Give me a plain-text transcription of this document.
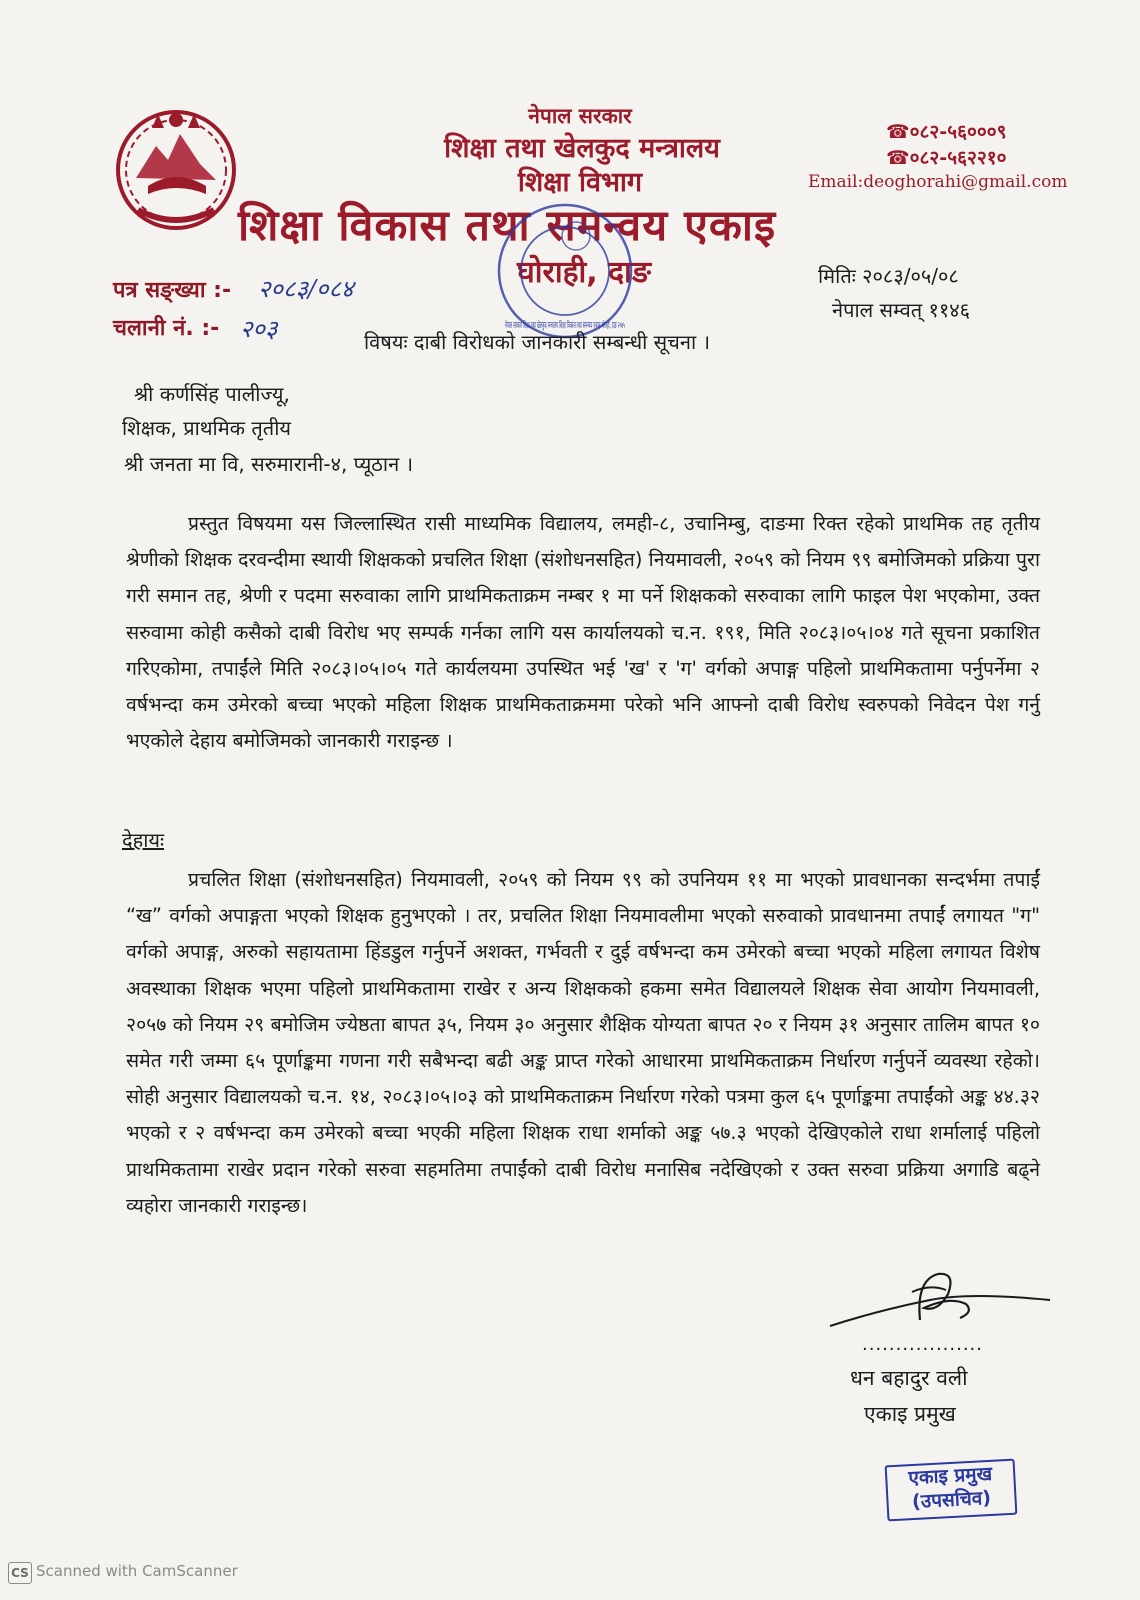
नेपाल सरकार
शिक्षा तथा खेलकुद मन्त्रालय
शिक्षा विभाग
शिक्षा विकास तथा समन्वय एकाइ
घोराही, दाङ
☎०८२-५६०००९
☎०८२-५६२२१०
Email:deoghorahi@gmail.com
नेपाल सरकार शिक्षा तथा खेलकुद मन्त्रालय शिक्षा विकास तथा समन्वय एकाइ घोराही, दाङ २०७५
पत्र सङ्ख्या :- २०८३/०८४
चलानी नं. :- २०३
मितिः २०८३/०५/०८
नेपाल सम्वत् ११४६
विषयः दाबी विरोधको जानकारी सम्बन्धी सूचना ।
श्री कर्णसिंह पालीज्यू,
शिक्षक, प्राथमिक तृतीय
श्री जनता मा वि, सरुमारानी-४, प्यूठान ।
प्रस्तुत विषयमा यस जिल्लास्थित रासी माध्यमिक विद्यालय, लमही-८, उचानिम्बु, दाङमा रिक्त रहेको प्राथमिक तह तृतीय श्रेणीको शिक्षक दरवन्दीमा स्थायी शिक्षकको प्रचलित शिक्षा (संशोधनसहित) नियमावली, २०५९ को नियम ९९ बमोजिमको प्रक्रिया पुरा गरी समान तह, श्रेणी र पदमा सरुवाका लागि प्राथमिकताक्रम नम्बर १ मा पर्ने शिक्षकको सरुवाका लागि फाइल पेश भएकोमा, उक्त सरुवामा कोही कसैको दाबी विरोध भए सम्पर्क गर्नका लागि यस कार्यालयको च.न. १९१, मिति २०८३।०५।०४ गते सूचना प्रकाशित गरिएकोमा, तपाईंले मिति २०८३।०५।०५ गते कार्यलयमा उपस्थित भई 'ख' र 'ग' वर्गको अपाङ्ग पहिलो प्राथमिकतामा पर्नुपर्नेमा २ वर्षभन्दा कम उमेरको बच्चा भएको महिला शिक्षक प्राथमिकताक्रममा परेको भनि आफ्नो दाबी विरोध स्वरुपको निवेदन पेश गर्नु भएकोले देहाय बमोजिमको जानकारी गराइन्छ ।
देहायः
प्रचलित शिक्षा (संशोधनसहित) नियमावली, २०५९ को नियम ९९ को उपनियम ११ मा भएको प्रावधानका सन्दर्भमा तपाईं “ख” वर्गको अपाङ्गता भएको शिक्षक हुनुभएको । तर, प्रचलित शिक्षा नियमावलीमा भएको सरुवाको प्रावधानमा तपाईं लगायत "ग" वर्गको अपाङ्ग, अरुको सहायतामा हिंडडुल गर्नुपर्ने अशक्त, गर्भवती र दुई वर्षभन्दा कम उमेरको बच्चा भएको महिला लगायत विशेष अवस्थाका शिक्षक भएमा पहिलो प्राथमिकतामा राखेर र अन्य शिक्षकको हकमा समेत विद्यालयले शिक्षक सेवा आयोग नियमावली, २०५७ को नियम २९ बमोजिम ज्येष्ठता बापत ३५, नियम ३० अनुसार शैक्षिक योग्यता बापत २० र नियम ३१ अनुसार तालिम बापत १० समेत गरी जम्मा ६५ पूर्णाङ्कमा गणना गरी सबैभन्दा बढी अङ्क प्राप्त गरेको आधारमा प्राथमिकताक्रम निर्धारण गर्नुपर्ने व्यवस्था रहेको। सोही अनुसार विद्यालयको च.न. १४, २०८३।०५।०३ को प्राथमिकताक्रम निर्धारण गरेको पत्रमा कुल ६५ पूर्णाङ्कमा तपाईंको अङ्क ४४.३२ भएको र २ वर्षभन्दा कम उमेरको बच्चा भएकी महिला शिक्षक राधा शर्माको अङ्क ५७.३ भएको देखिएकोले राधा शर्मालाई पहिलो प्राथमिकतामा राखेर प्रदान गरेको सरुवा सहमतिमा तपाईंको दाबी विरोध मनासिब नदेखिएको र उक्त सरुवा प्रक्रिया अगाडि बढ्ने व्यहोरा जानकारी गराइन्छ।
..................
धन बहादुर वली
एकाइ प्रमुख
एकाइ प्रमुख
(उपसचिव)
CS Scanned with CamScanner
